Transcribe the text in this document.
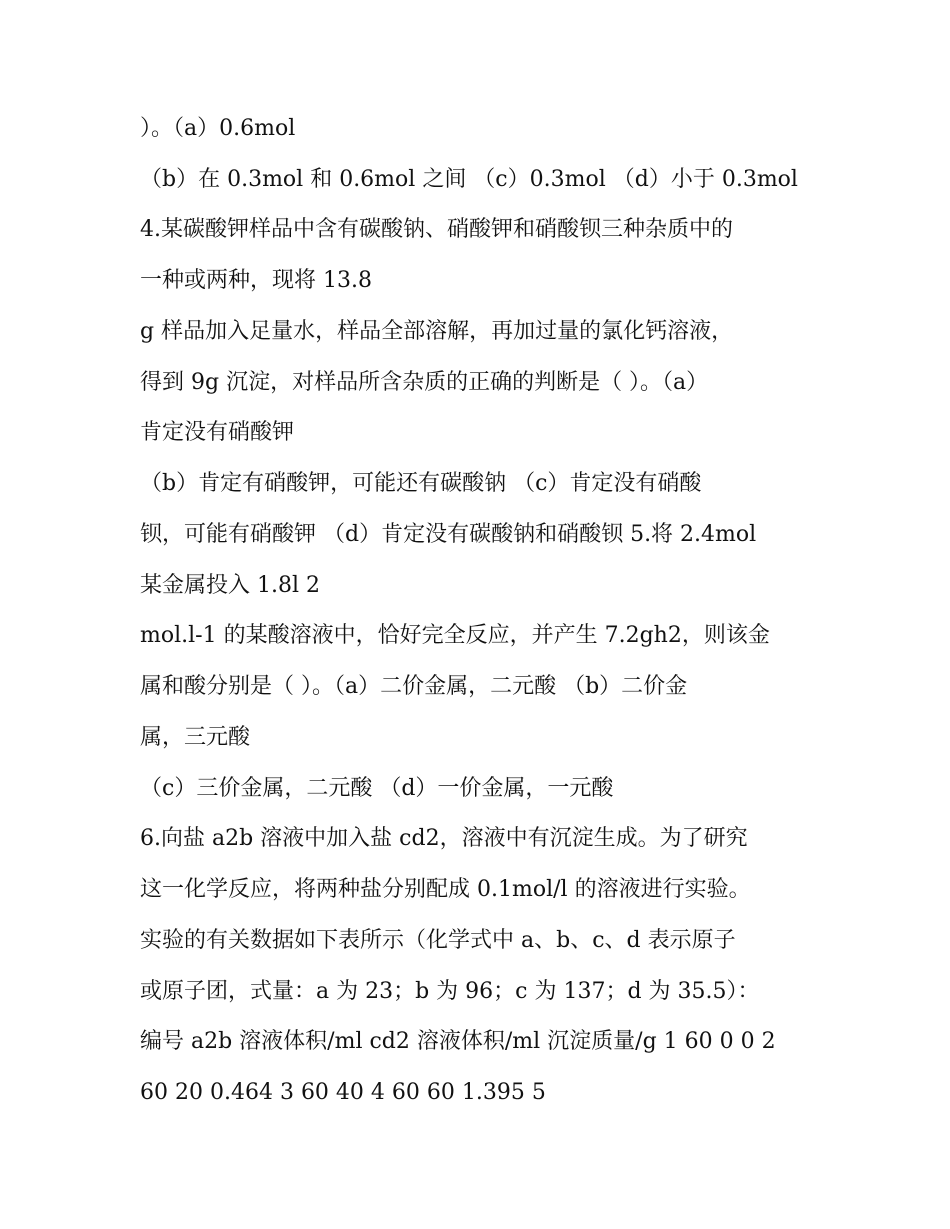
）。（a）0.6mol
（b）在 0.3mol 和 0.6mol 之间 （c）0.3mol （d）小于 0.3mol
4.某碳酸钾样品中含有碳酸钠、硝酸钾和硝酸钡三种杂质中的
一种或两种，现将 13.8
g 样品加入足量水，样品全部溶解，再加过量的氯化钙溶液，
得到 9g 沉淀，对样品所含杂质的正确的判断是（ ）。（a）
肯定没有硝酸钾
（b）肯定有硝酸钾，可能还有碳酸钠 （c）肯定没有硝酸
钡，可能有硝酸钾 （d）肯定没有碳酸钠和硝酸钡 5.将 2.4mol
某金属投入 1.8l 2
mol.l-1 的某酸溶液中，恰好完全反应，并产生 7.2gh2，则该金
属和酸分别是（ ）。（a）二价金属，二元酸 （b）二价金
属，三元酸
（c）三价金属，二元酸 （d）一价金属，一元酸
6.向盐 a2b 溶液中加入盐 cd2，溶液中有沉淀生成。为了研究
这一化学反应，将两种盐分别配成 0.1mol/l 的溶液进行实验。
实验的有关数据如下表所示（化学式中 a、b、c、d 表示原子
或原子团，式量：a 为 23；b 为 96；c 为 137；d 为 35.5）：
编号 a2b 溶液体积/ml cd2 溶液体积/ml 沉淀质量/g 1 60 0 0 2
60 20 0.464 3 60 40 4 60 60 1.395 5
